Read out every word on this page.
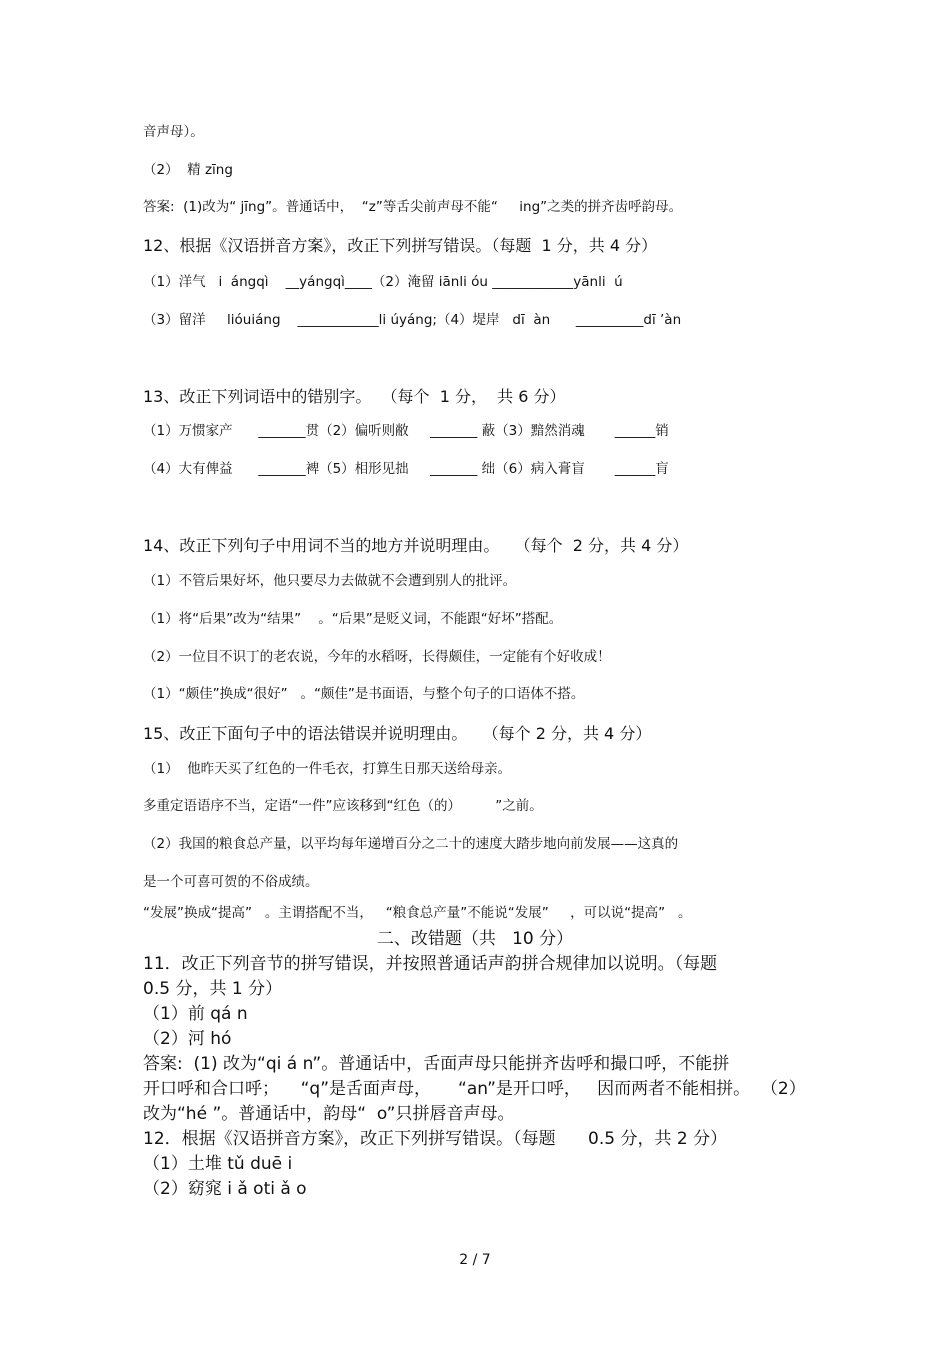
二、改错题（共   10 分）
音声母）。
（2）  精 zīng
答案:  (1)改为“ jīng”。普通话中，  “z”等舌尖前声母不能“     ing”之类的拼齐齿呼韵母。
12、根据《汉语拼音方案》，改正下列拼写错误。（每题  1 分，共 4 分）
（1）洋气   i  ángqì    __yángqì____（2）淹留 iānli óu ____________yānli  ú
（3）留洋     lióuiáng    ____________li úyáng;（4）堤岸   dī  àn      __________dī ’àn
13、改正下列词语中的错别字。  （每个  1 分，  共 6 分）
（1）万惯家产      _______贯（2）偏听则敝     _______ 蔽（3）黯然消魂       ______销
（4）大有俾益      _______裨（5）相形见拙     _______ 绌（6）病入膏盲       ______肓
14、改正下列句子中用词不当的地方并说明理由。   （每个  2 分，共 4 分）
（1）不管后果好坏，他只要尽力去做就不会遭到别人的批评。
（1）将“后果”改为“结果”    。“后果”是贬义词，不能跟“好坏”搭配。
（2）一位目不识丁的老农说，今年的水稻呀，长得颇佳，一定能有个好收成！
（1）“颇佳”换成“很好”   。“颇佳”是书面语，与整个句子的口语体不搭。
15、改正下面句子中的语法错误并说明理由。   （每个 2 分，共 4 分）
（1）  他昨天买了红色的一件毛衣，打算生日那天送给母亲。
多重定语语序不当，定语“一件”应该移到“红色（的）        ”之前。
（2）我国的粮食总产量，以平均每年递增百分之二十的速度大踏步地向前发展——这真的
是一个可喜可贺的不俗成绩。
“发展”换成“提高”   。主谓搭配不当，   “粮食总产量”不能说“发展”     ，可以说“提高”   。
11．改正下列音节的拼写错误，并按照普通话声韵拼合规律加以说明。（每题
0.5 分，共 1 分）
（1）前 qá n
（2）河 hó
答案:  (1) 改为“qi á n”。普通话中，舌面声母只能拼齐齿呼和撮口呼，不能拼
开口呼和合口呼；    “q”是舌面声母，     “an”是开口呼，   因而两者不能相拼。  （2）
改为“hé ”。普通话中，韵母“  o”只拼唇音声母。
12．根据《汉语拼音方案》，改正下列拼写错误。（每题      0.5 分，共 2 分）
（1）土堆 tǔ duē i
（2）窈窕 i ǎ oti ǎ o
2 / 7
